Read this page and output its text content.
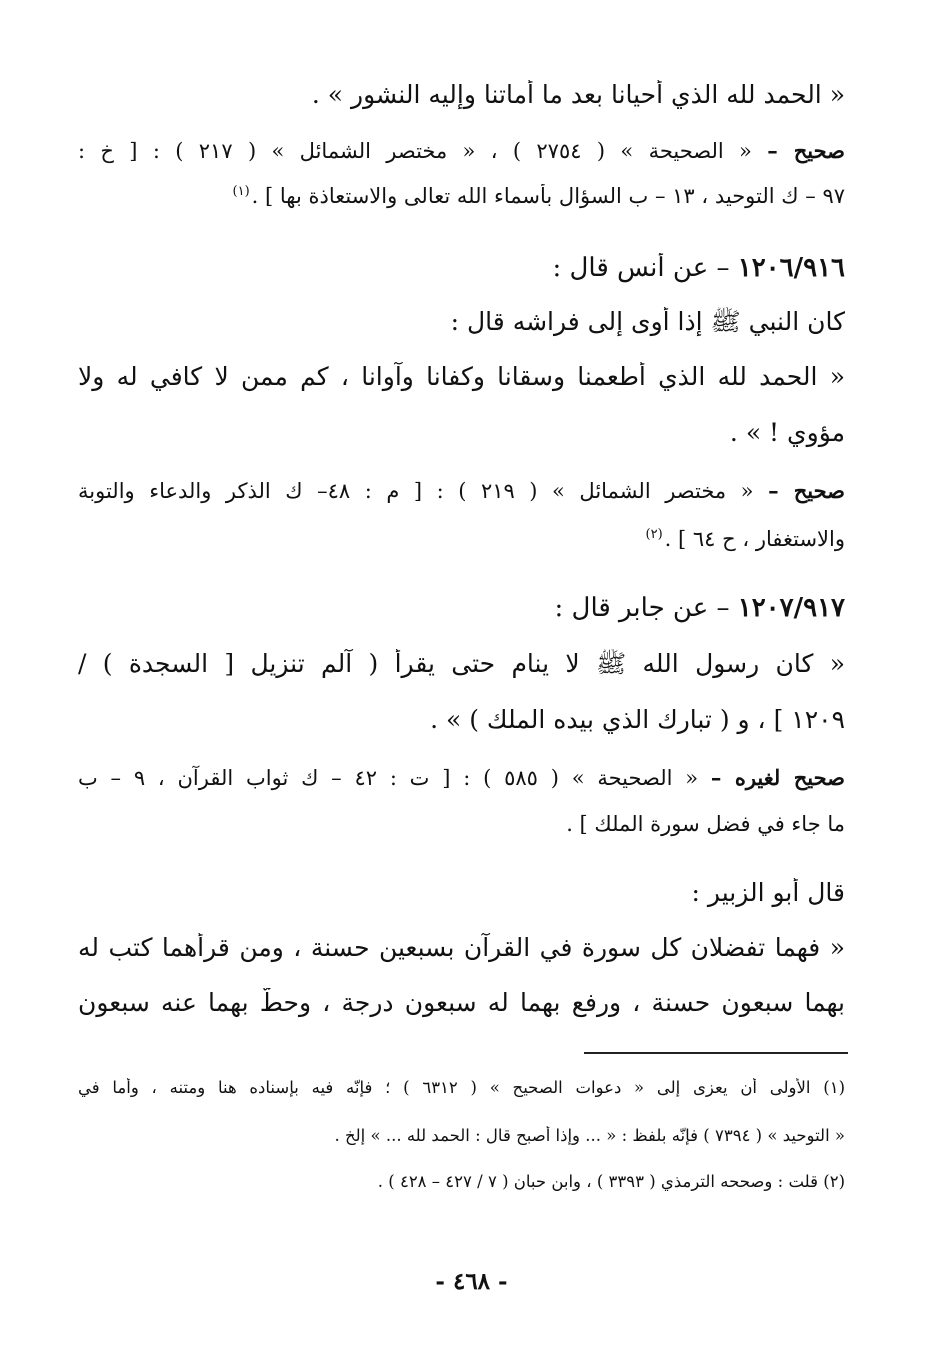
« الحمد لله الذي أحيانا بعد ما أماتنا وإليه النشور » .
صحيح – « الصحيحة » ( ٢٧٥٤ ) ، « مختصر الشمائل » ( ٢١٧ ) : [ خ :
٩٧ – ك التوحيد ، ١٣ – ب السؤال بأسماء الله تعالى والاستعاذة بها ] .$^{(١)}$
١٢٠٦/٩١٦ – عن أنس قال :
كان النبي ﷺ إذا أوى إلى فراشه قال :
« الحمد لله الذي أطعمنا وسقانا وكفانا وآوانا ، كم ممن لا كافي له ولا
مؤوي ! » .
صحيح – « مختصر الشمائل » ( ٢١٩ ) : [ م : ٤٨– ك الذكر والدعاء والتوبة
والاستغفار ، ح ٦٤ ] .$^{(٢)}$
١٢٠٧/٩١٧ – عن جابر قال :
« كان رسول الله ﷺ لا ينام حتى يقرأ ( آلم تنزيل [ السجدة ) /
١٢٠٩ ] ، و ( تبارك الذي بيده الملك ) » .
صحيح لغيره – « الصحيحة » ( ٥٨٥ ) : [ ت : ٤٢ – ك ثواب القرآن ، ٩ – ب
ما جاء في فضل سورة الملك ] .
قال أبو الزبير :
« فهما تفضلان كل سورة في القرآن بسبعين حسنة ، ومن قرأهما كتب له
بهما سبعون حسنة ، ورفع بهما له سبعون درجة ، وحطّ بهما عنه سبعون
(١) الأولى أن يعزى إلى « دعوات الصحيح » ( ٦٣١٢ ) ؛ فإنّه فيه بإسناده هنا ومتنه ، وأما في
« التوحيد » ( ٧٣٩٤ ) فإنّه بلفظ : « ... وإذا أصبح قال : الحمد لله ... » إلخ .
(٢) قلت : وصححه الترمذي ( ٣٣٩٣ ) ، وابن حبان ( ٧ / ٤٢٧ – ٤٢٨ ) .
- ٤٦٨ -
